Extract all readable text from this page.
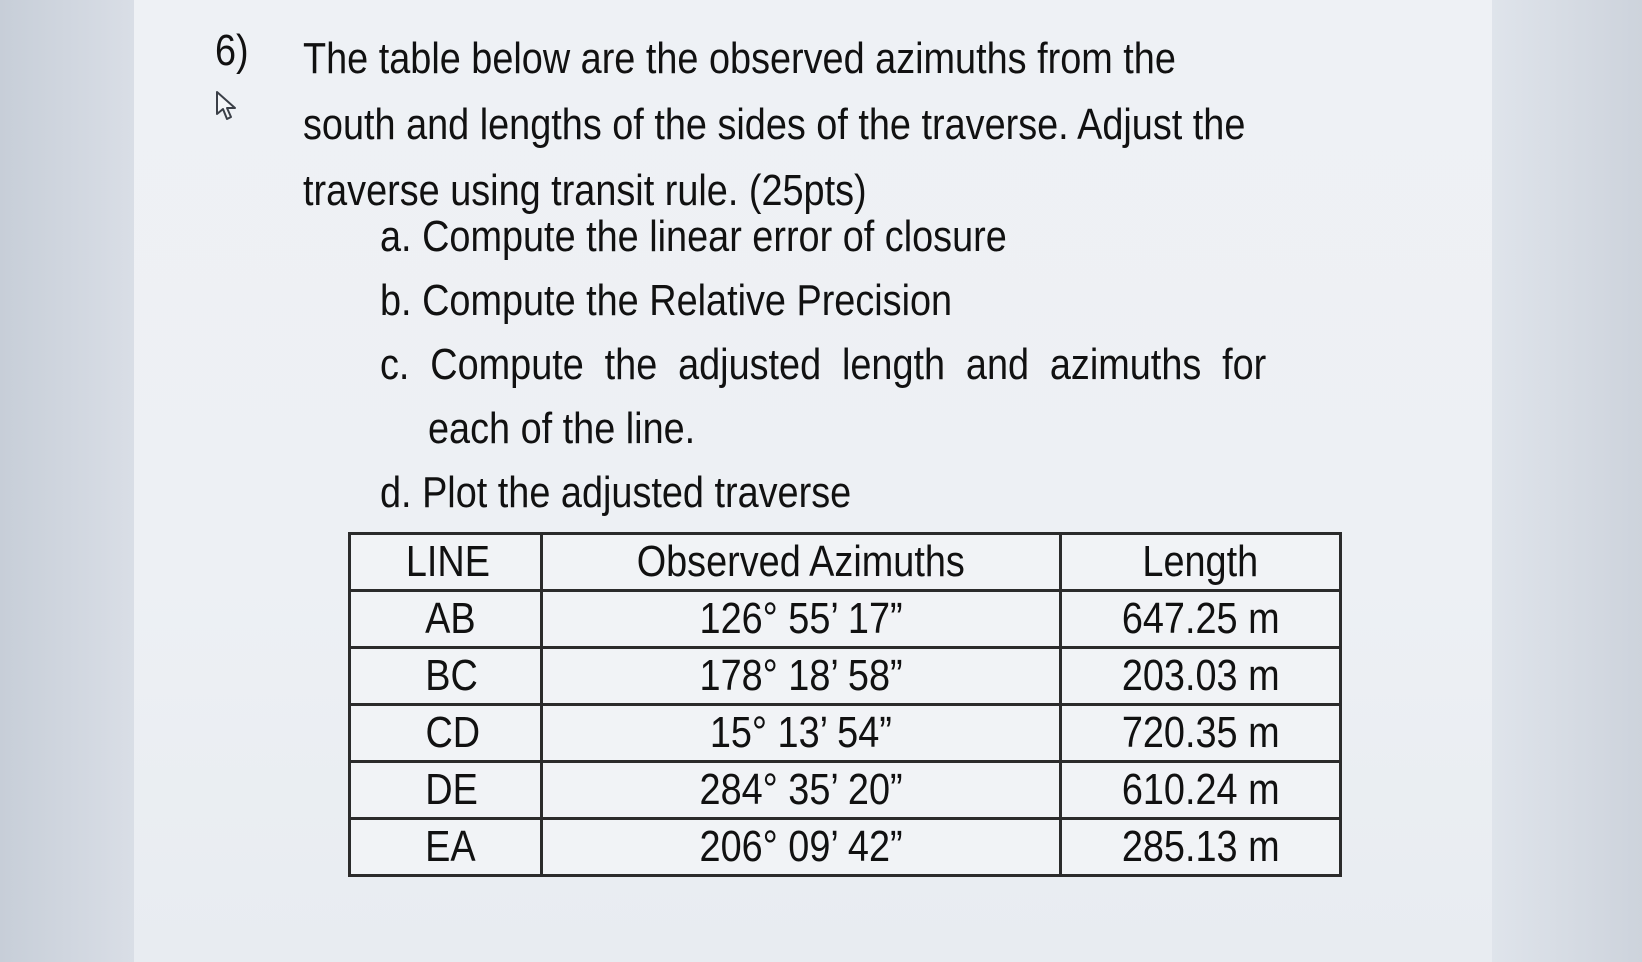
6) The table below are the observed azimuths from the
south and lengths of the sides of the traverse. Adjust the
traverse using transit rule. (25pts)
a. Compute the linear error of closure
b. Compute the Relative Precision
c. Compute the adjusted length and azimuths for
each of the line.
d. Plot the adjusted traverse
LINE	Observed Azimuths	Length
AB	126° 55’ 17”	647.25 m
BC	178° 18’ 58”	203.03 m
CD	15° 13’ 54”	720.35 m
DE	284° 35’ 20”	610.24 m
EA	206° 09’ 42”	285.13 m
